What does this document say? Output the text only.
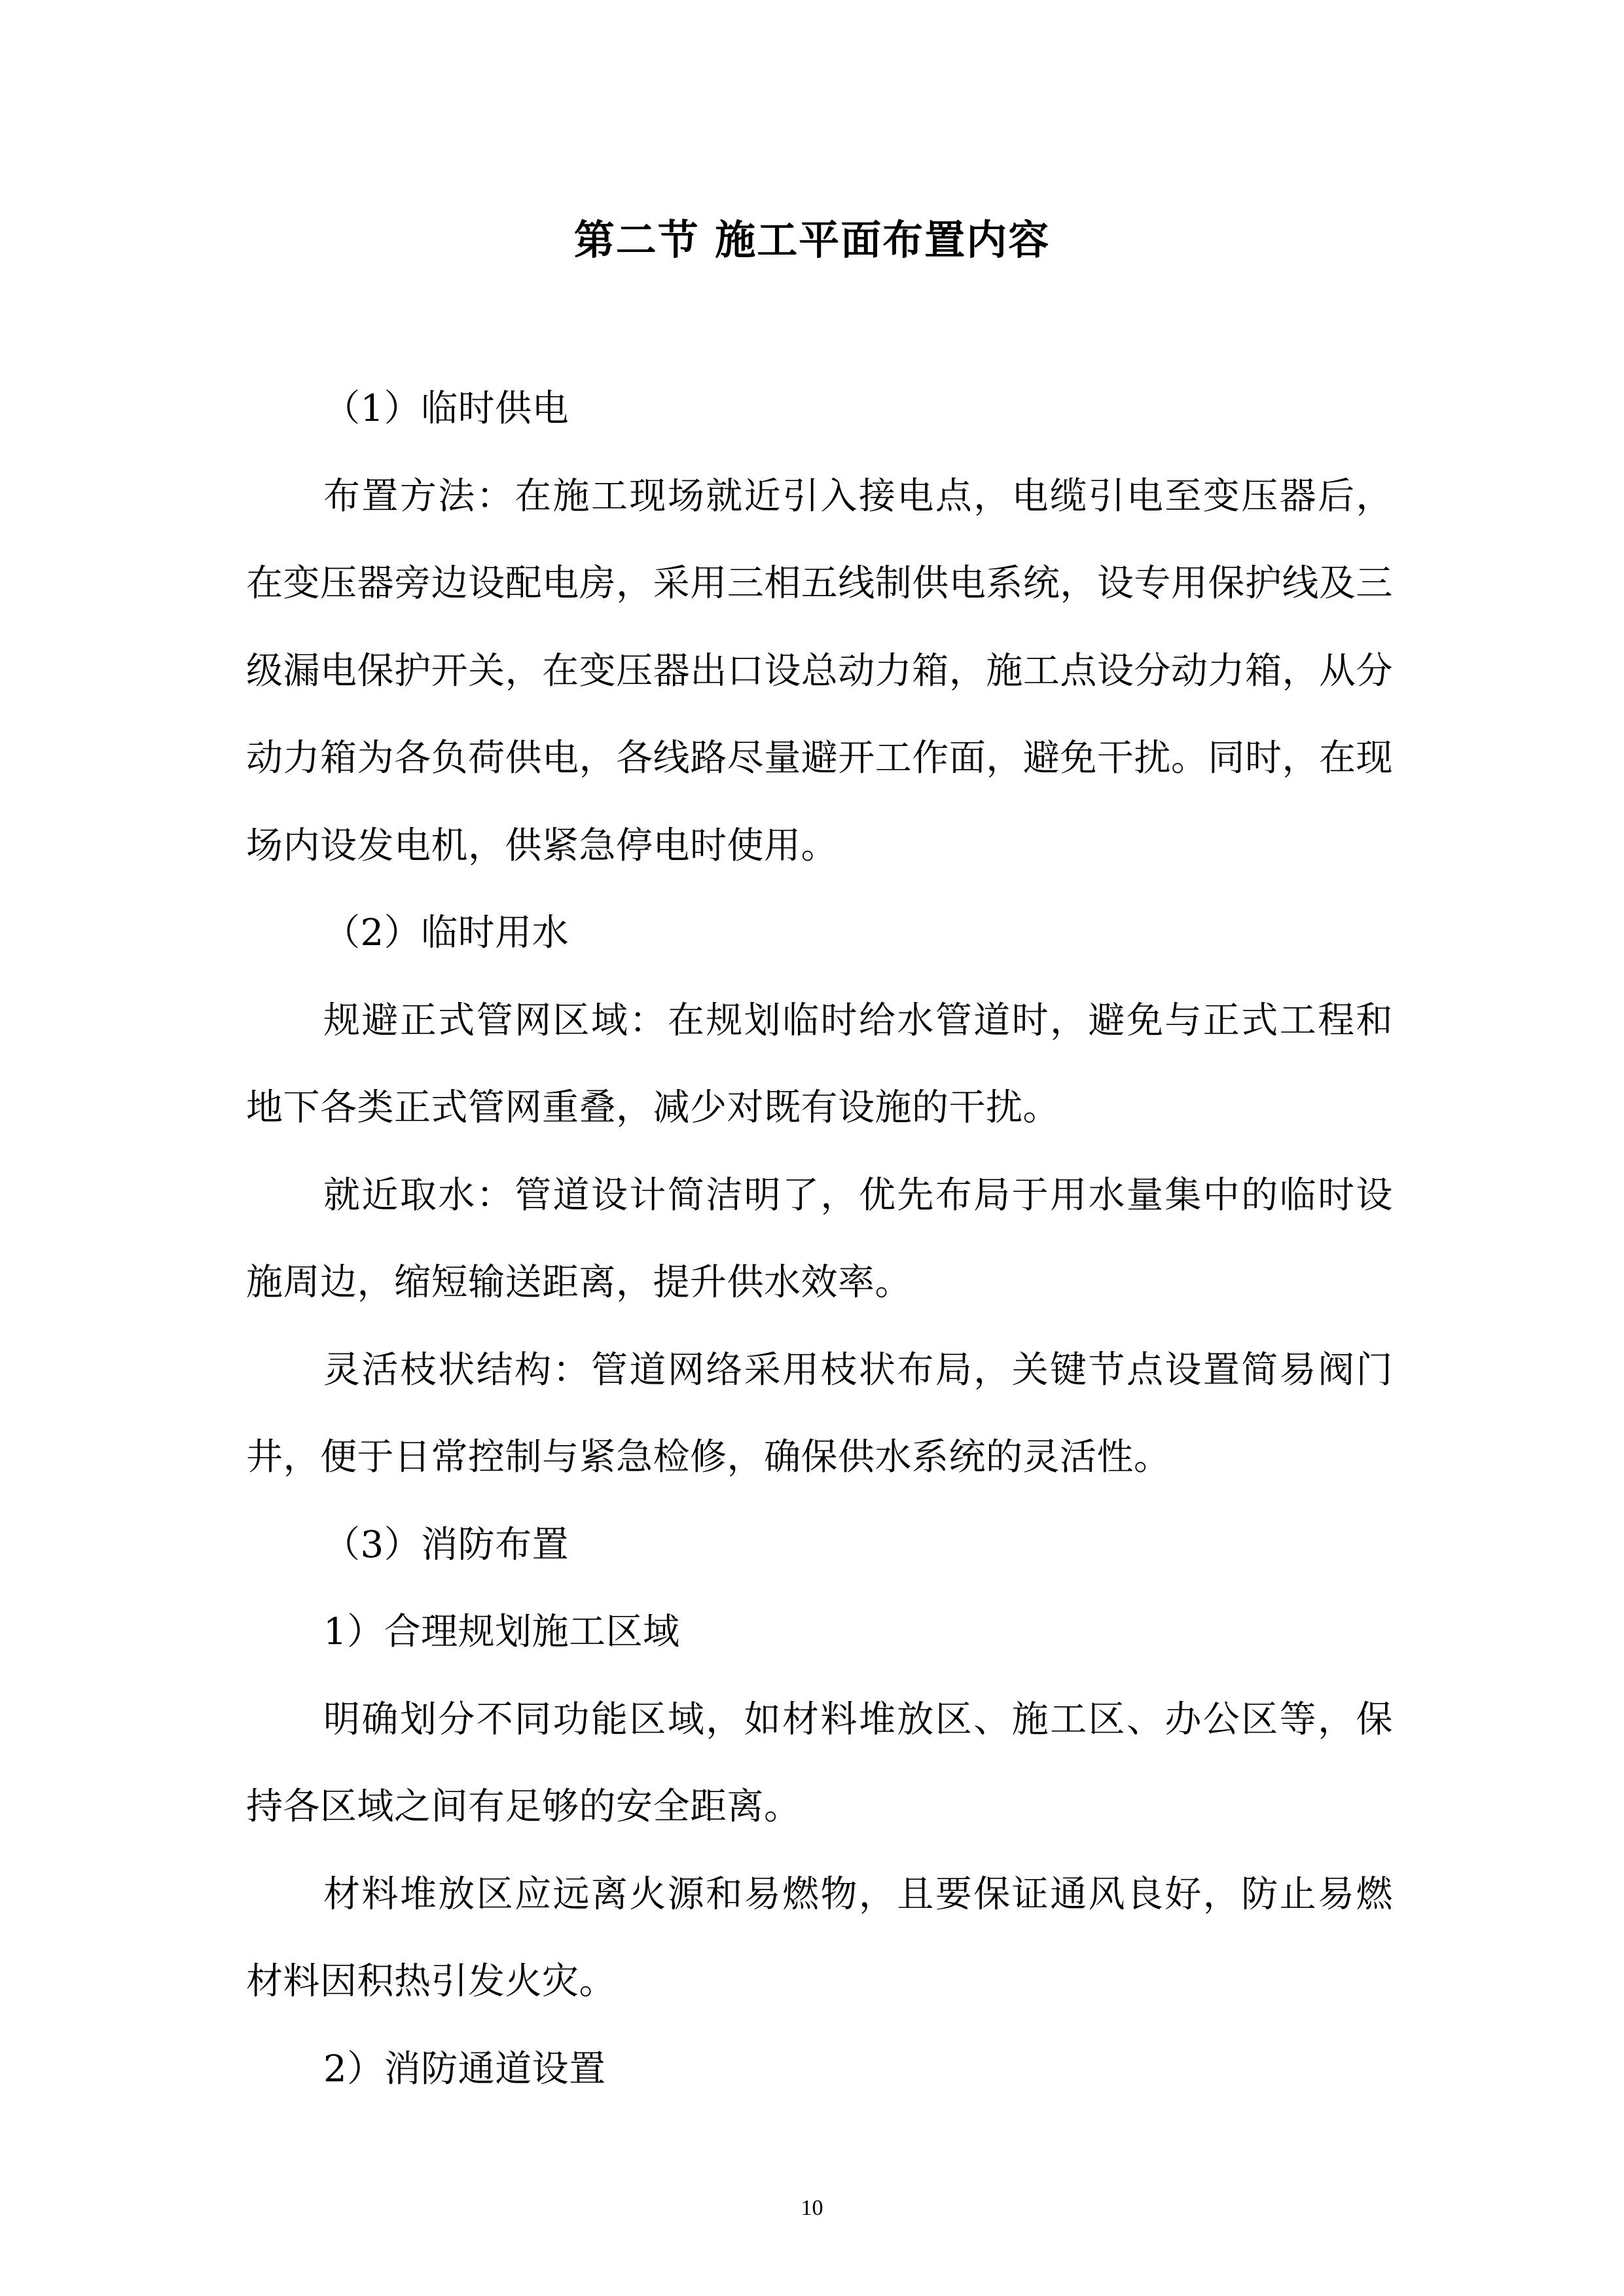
第二节 施工平面布置内容

（1）临时供电

布置方法：在施工现场就近引入接电点，电缆引电至变压器后，在变压器旁边设配电房，采用三相五线制供电系统，设专用保护线及三级漏电保护开关，在变压器出口设总动力箱，施工点设分动力箱，从分动力箱为各负荷供电，各线路尽量避开工作面，避免干扰。同时，在现场内设发电机，供紧急停电时使用。

（2）临时用水

规避正式管网区域：在规划临时给水管道时，避免与正式工程和地下各类正式管网重叠，减少对既有设施的干扰。

就近取水：管道设计简洁明了，优先布局于用水量集中的临时设施周边，缩短输送距离，提升供水效率。

灵活枝状结构：管道网络采用枝状布局，关键节点设置简易阀门井，便于日常控制与紧急检修，确保供水系统的灵活性。

（3）消防布置

1）合理规划施工区域

明确划分不同功能区域，如材料堆放区、施工区、办公区等，保持各区域之间有足够的安全距离。

材料堆放区应远离火源和易燃物，且要保证通风良好，防止易燃材料因积热引发火灾。

2）消防通道设置

10
